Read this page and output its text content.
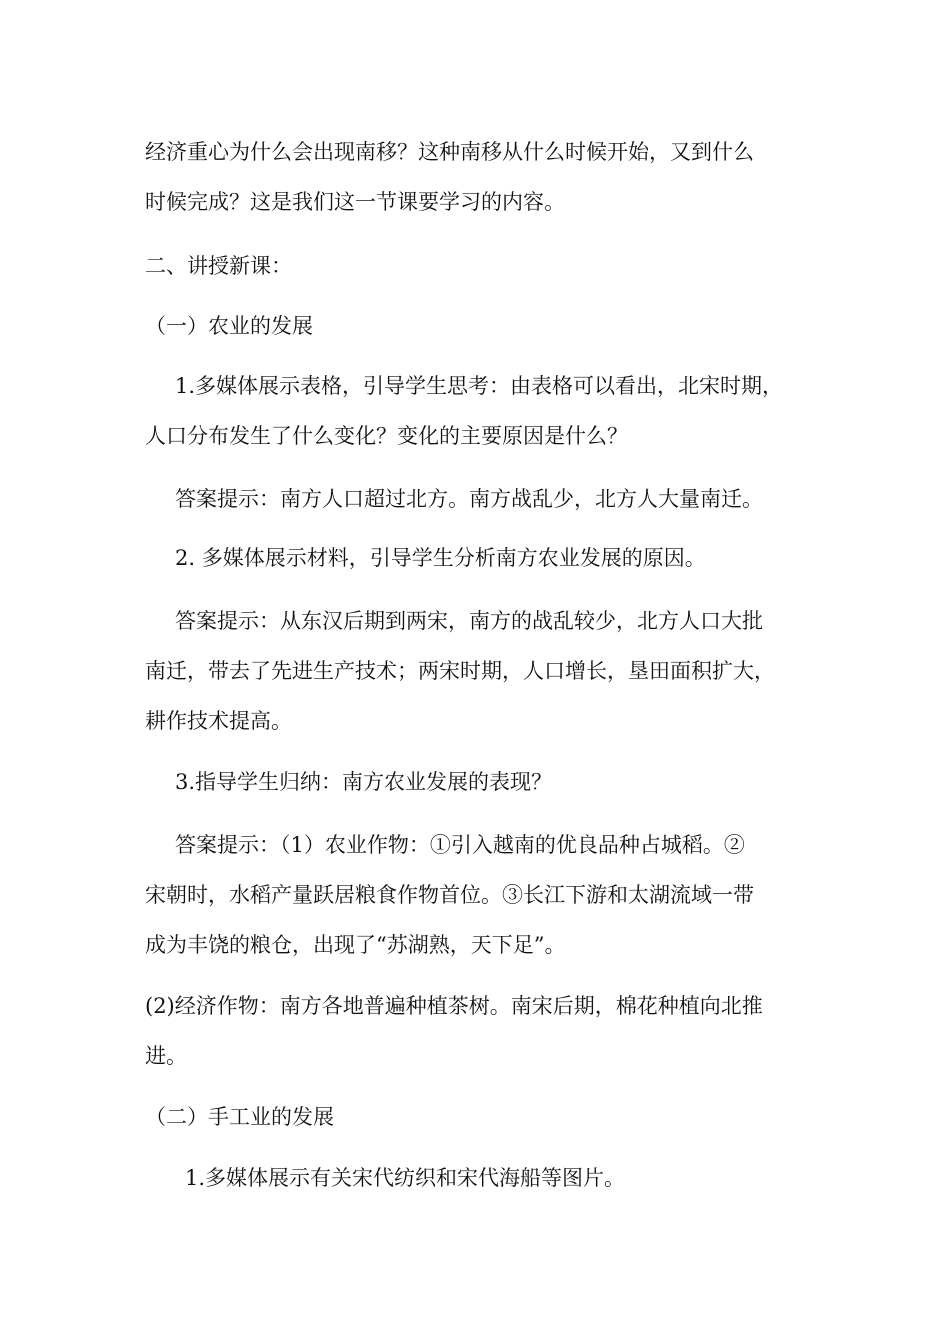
经济重心为什么会出现南移？这种南移从什么时候开始，又到什么
时候完成？这是我们这一节课要学习的内容。
二、讲授新课：
（一）农业的发展
1.多媒体展示表格，引导学生思考：由表格可以看出，北宋时期，
人口分布发生了什么变化？变化的主要原因是什么？
答案提示：南方人口超过北方。南方战乱少，北方人大量南迁。
2. 多媒体展示材料，引导学生分析南方农业发展的原因。
答案提示：从东汉后期到两宋，南方的战乱较少，北方人口大批
南迁，带去了先进生产技术；两宋时期，人口增长，垦田面积扩大，
耕作技术提高。
3.指导学生归纳：南方农业发展的表现？
答案提示：（1）农业作物：①引入越南的优良品种占城稻。②
宋朝时，水稻产量跃居粮食作物首位。③长江下游和太湖流域一带
成为丰饶的粮仓，出现了“苏湖熟，天下足”。
(2)经济作物：南方各地普遍种植茶树。南宋后期，棉花种植向北推
进。
（二）手工业的发展
1.多媒体展示有关宋代纺织和宋代海船等图片。
